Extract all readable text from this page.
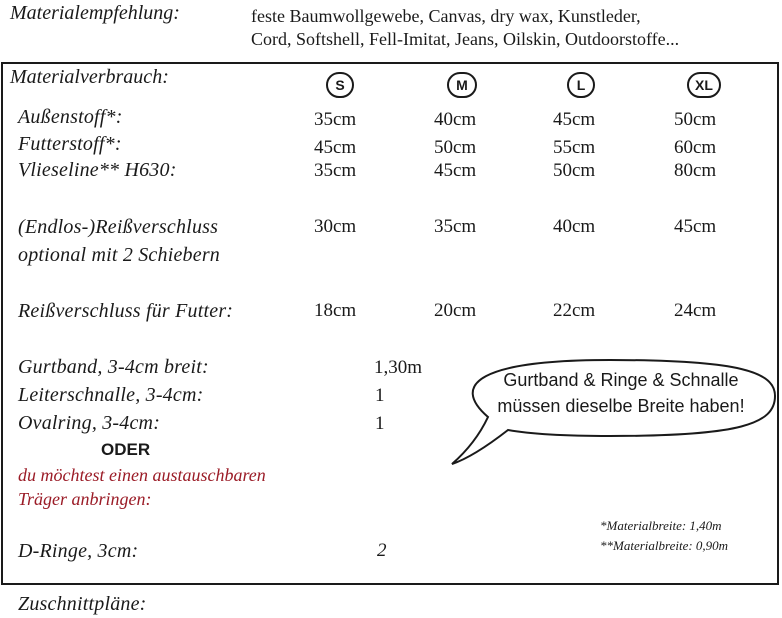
Materialempfehlung:	feste Baumwollgewebe, Canvas, dry wax, Kunstleder,
Cord, Softshell, Fell-Imitat, Jeans, Oilskin, Outdoorstoffe...
Materialverbrauch:	S	M	L	XL
Außenstoff*:	35cm	40cm	45cm	50cm
Futterstoff*:	45cm	50cm	55cm	60cm
Vlieseline** H630:	35cm	45cm	50cm	80cm
(Endlos-)Reißverschluss
optional mit 2 Schiebern
30cm	35cm	40cm	45cm
Reißverschluss für Futter:	18cm	20cm	22cm	24cm
Gurtband, 3-4cm breit:	1,30m
Leiterschnalle, 3-4cm:	1
Ovalring, 3-4cm:	1
ODER
du möchtest einen austauschbaren
Träger anbringen:
D-Ringe, 3cm:	2
Gurtband & Ringe & Schnalle
müssen dieselbe Breite haben!
*Materialbreite: 1,40m
**Materialbreite: 0,90m
Zuschnittpläne:
